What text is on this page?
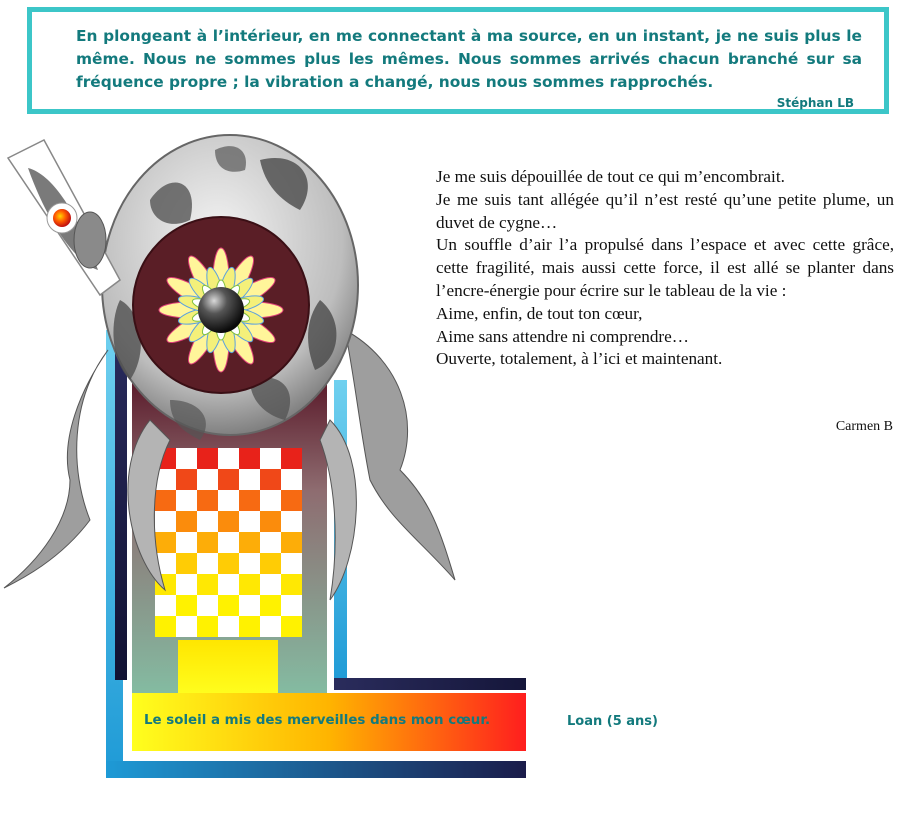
En plongeant à l’intérieur, en me connectant à ma source, en un instant, je ne suis plus le même. Nous ne sommes plus les mêmes. Nous sommes arrivés chacun branché sur sa fréquence propre ; la vibration a changé, nous nous sommes rapprochés.

Stéphan LB

Je me suis dépouillée de tout ce qui m’encombrait.

Je me suis tant allégée qu’il n’est resté qu’une petite plume, un duvet de cygne…

Un souffle d’air l’a propulsé dans l’espace et avec cette grâce, cette fragilité, mais aussi cette force, il est allé se planter dans l’encre-énergie pour écrire sur le tableau de la vie :

Aime, enfin, de tout ton cœur,

Aime sans attendre ni comprendre…

Ouverte, totalement, à l’ici et maintenant.

Carmen B
Le soleil a mis des merveilles dans mon cœur.	Loan (5 ans)
